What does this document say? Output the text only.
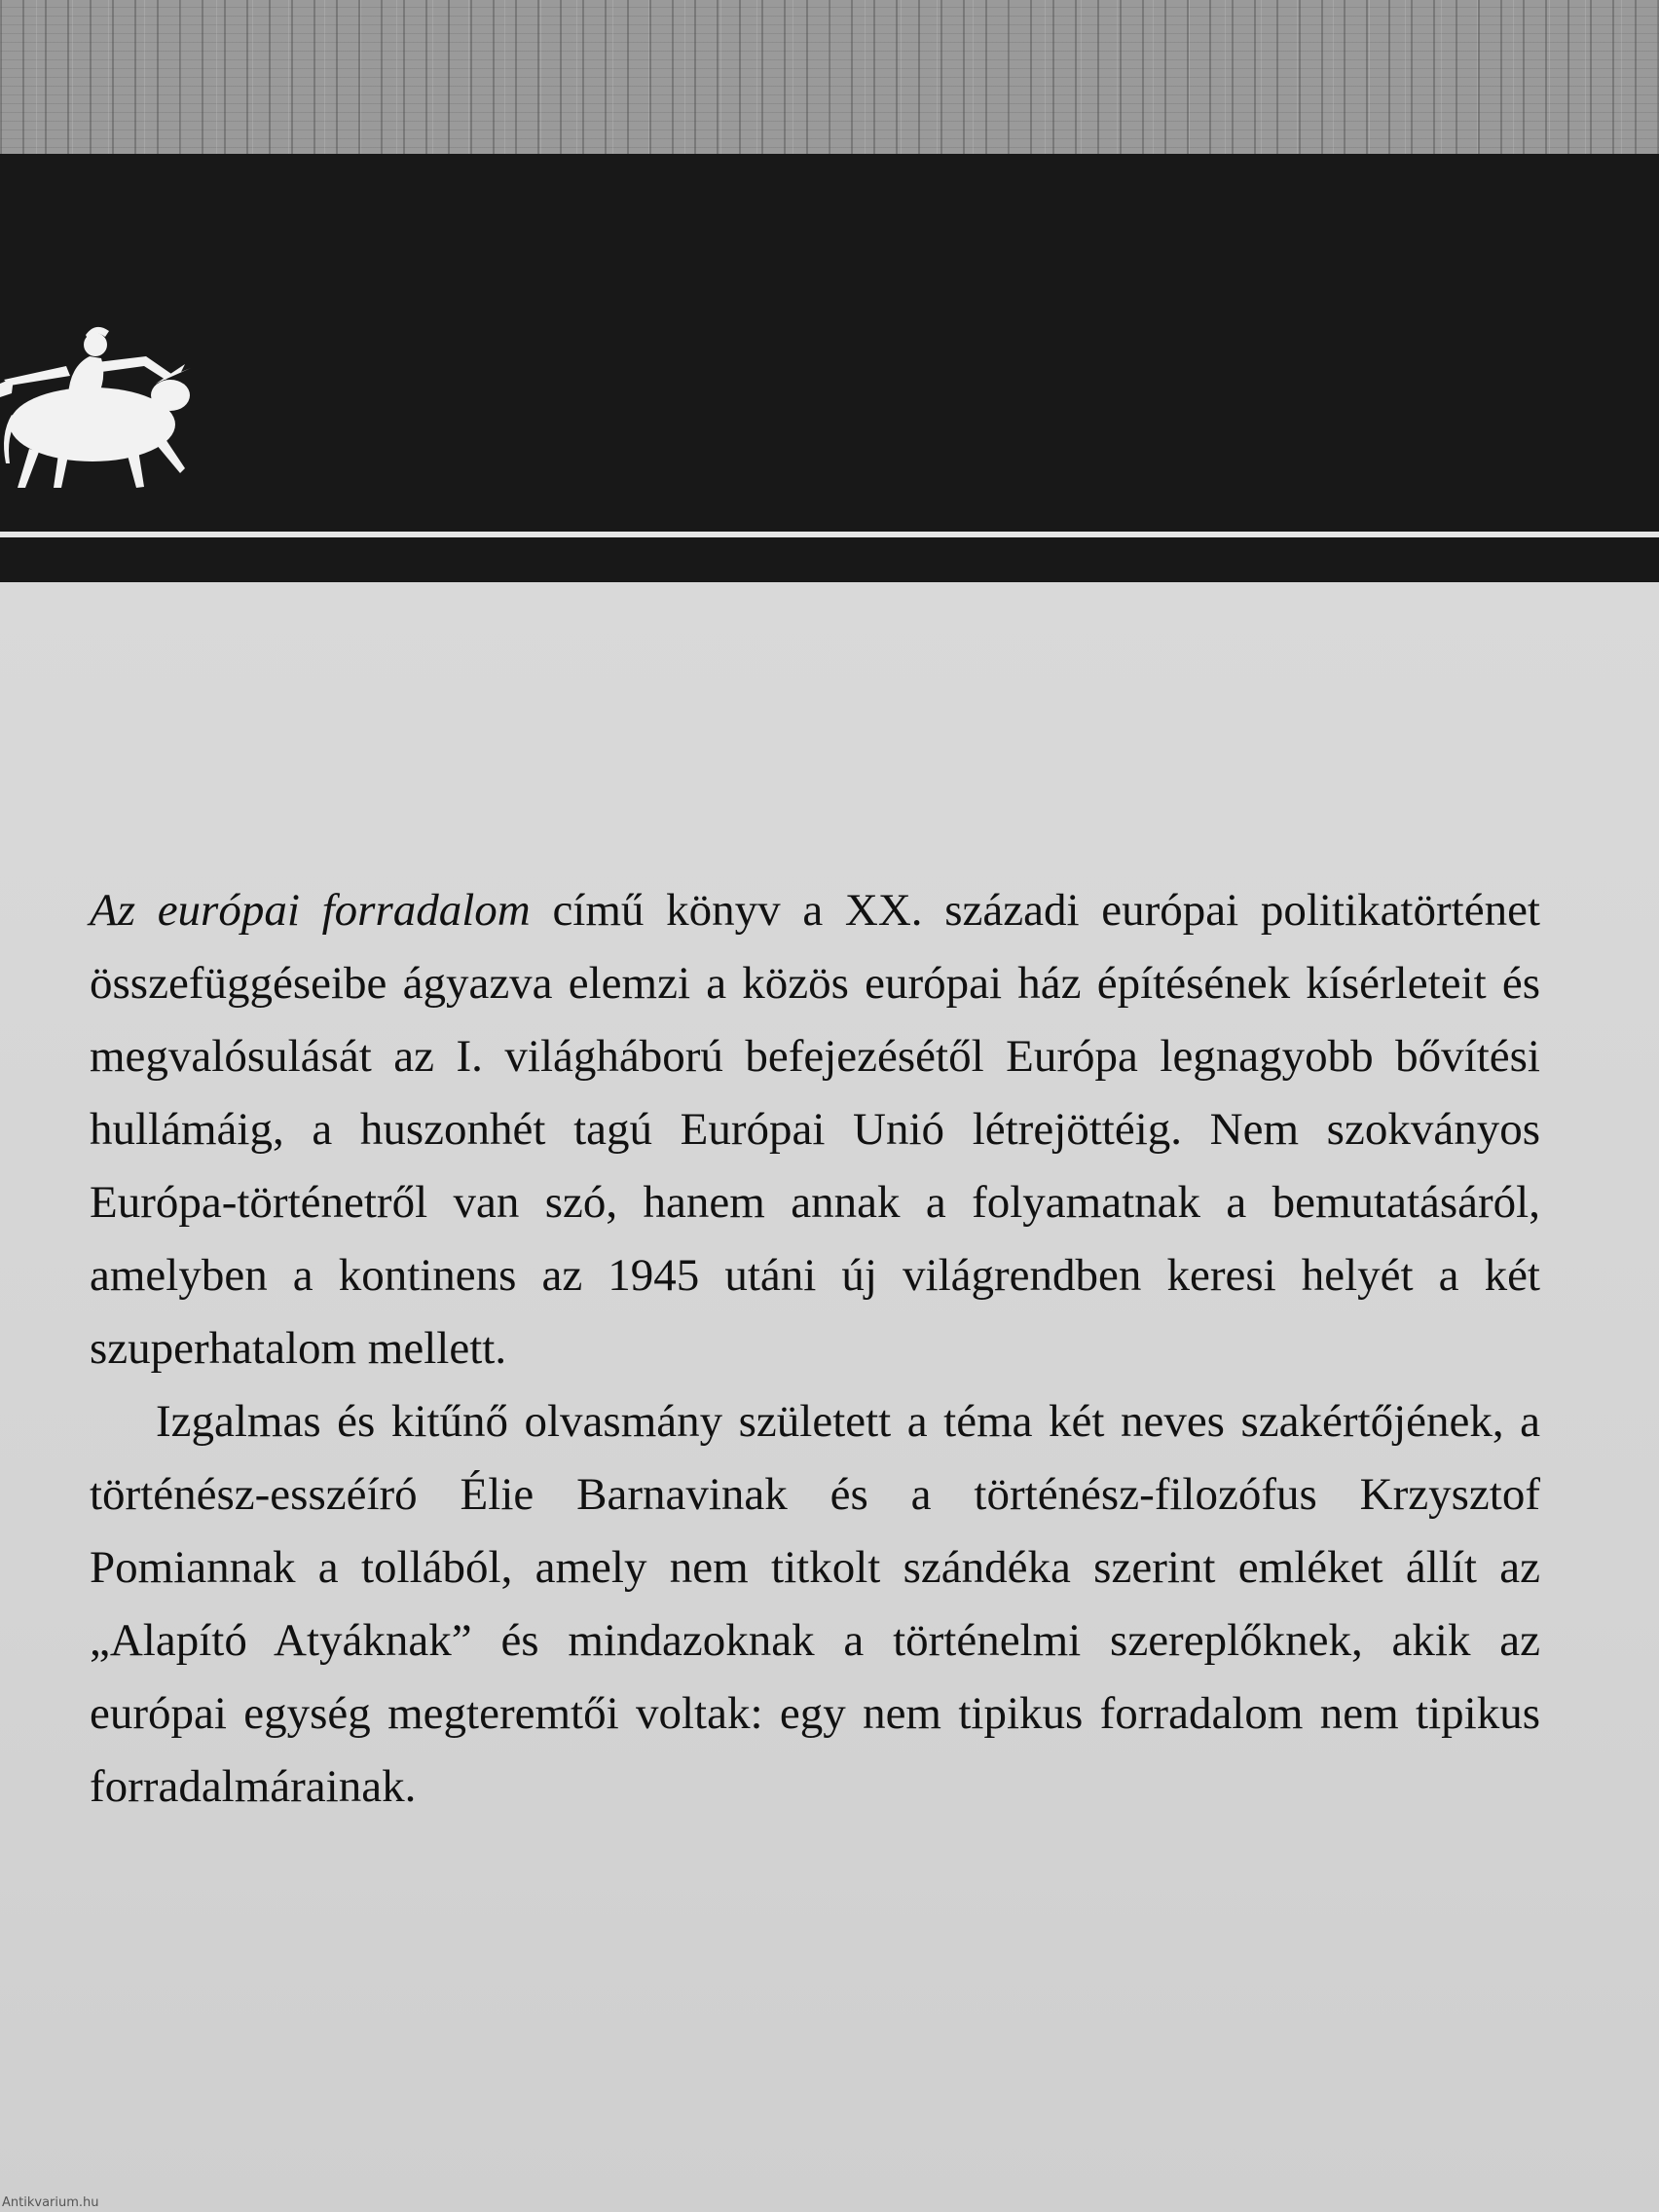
Az európai forradalom című könyv a XX. századi európai politikatörténet összefüggéseibe ágyazva elemzi a közös európai ház építésének kísérleteit és megvalósulását az I. világháború befejezésétől Európa legnagyobb bővítési hullámáig, a huszonhét tagú Európai Unió létrejöttéig. Nem szokványos Európa-történetről van szó, hanem annak a folyamatnak a bemutatásáról, amelyben a kontinens az 1945 utáni új világrendben keresi helyét a két szuperhatalom mellett.

Izgalmas és kitűnő olvasmány született a téma két neves szakértőjének, a történész-esszéíró Élie Barnavinak és a történész-filozófus Krzysztof Pomiannak a tollából, amely nem titkolt szándéka szerint emléket állít az „Alapító Atyáknak” és mindazoknak a történelmi szereplőknek, akik az európai egység megteremtői voltak: egy nem tipikus forradalom nem tipikus forradalmárainak.

Antikvarium.hu
